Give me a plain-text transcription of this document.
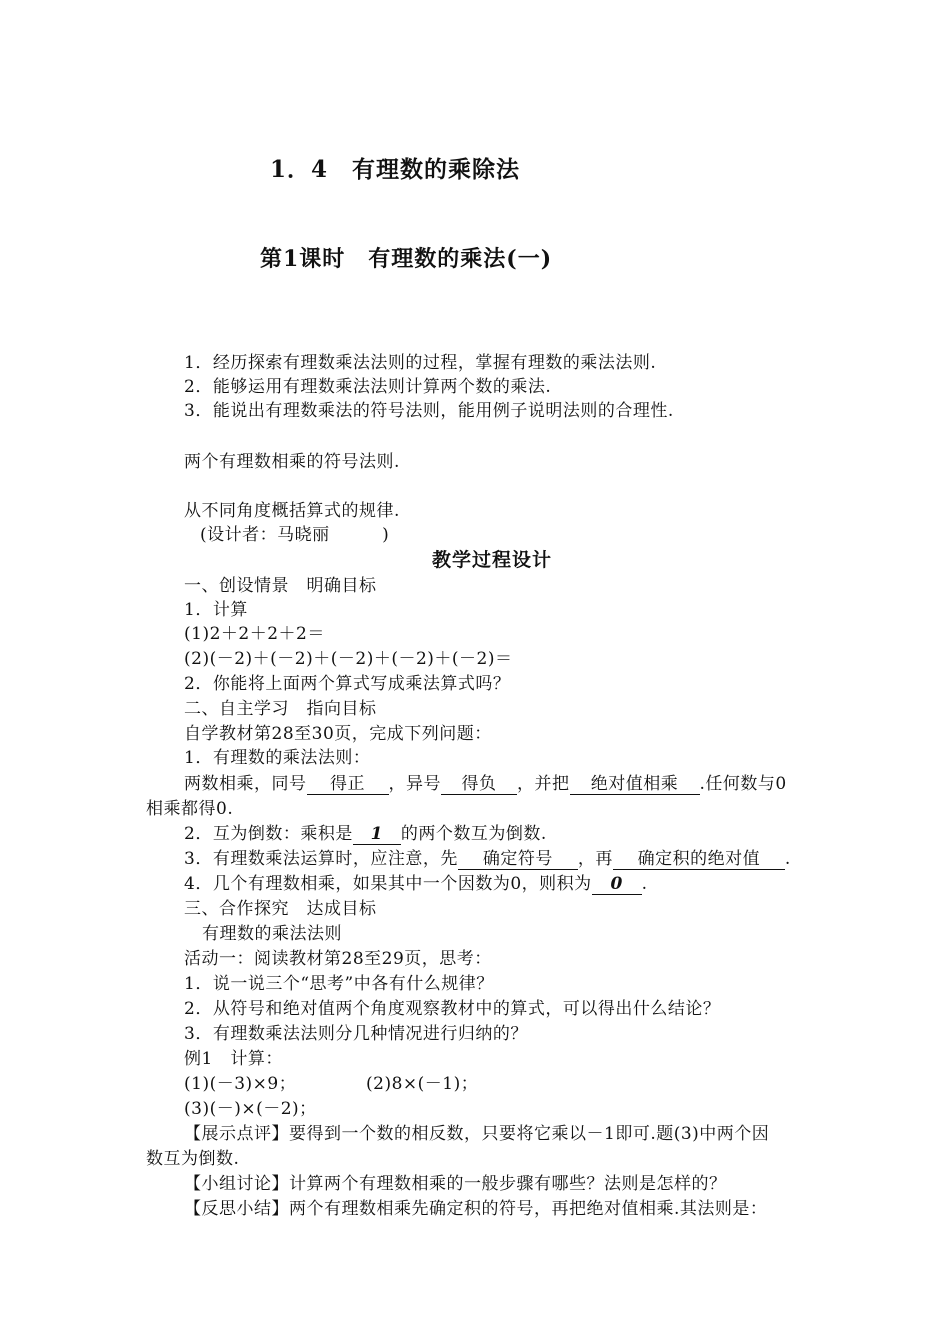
1．4　有理数的乘除法
第1课时　有理数的乘法(一)
1．经历探索有理数乘法法则的过程，掌握有理数的乘法法则.
2．能够运用有理数乘法法则计算两个数的乘法.
3．能说出有理数乘法的符号法则，能用例子说明法则的合理性.
两个有理数相乘的符号法则.
从不同角度概括算式的规律.
(设计者：马晓丽　　　)
教学过程设计
一、创设情景　明确目标
1．计算
(1)2＋2＋2＋2＝
(2)(－2)＋(－2)＋(－2)＋(－2)＋(－2)＝
2．你能将上面两个算式写成乘法算式吗？
二、自主学习　指向目标
自学教材第28至30页，完成下列问题：
1．有理数的乘法法则：
两数相乘，同号 得正 ，异号 得负 ，并把 绝对值相乘 .任何数与0
相乘都得0.
2．互为倒数：乘积是 1 的两个数互为倒数.
3．有理数乘法运算时，应注意，先 确定符号 ，再 确定积的绝对值 .
4．几个有理数相乘，如果其中一个因数为0，则积为 0 .
三、合作探究　达成目标
有理数的乘法法则
活动一：阅读教材第28至29页，思考：
1．说一说三个“思考”中各有什么规律？
2．从符号和绝对值两个角度观察教材中的算式，可以得出什么结论？
3．有理数乘法法则分几种情况进行归纳的？
例1　计算：
(1)(－3)×9；	(2)8×(－1)；
(3)(－)×(－2)；
【展示点评】要得到一个数的相反数，只要将它乘以－1即可.题(3)中两个因
数互为倒数.
【小组讨论】计算两个有理数相乘的一般步骤有哪些？法则是怎样的？
【反思小结】两个有理数相乘先确定积的符号，再把绝对值相乘.其法则是：
